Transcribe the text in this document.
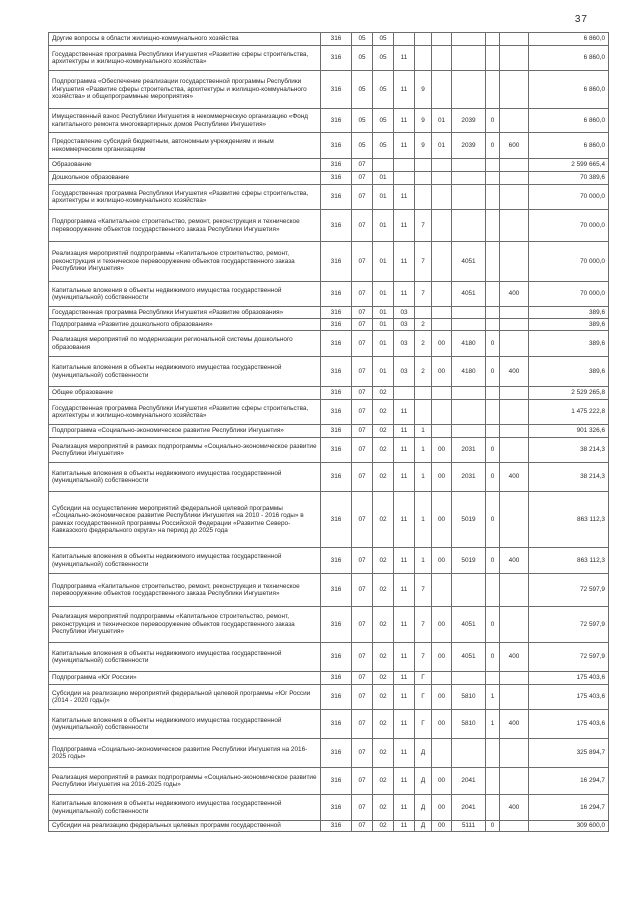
37
Другие вопросы в области жилищно-коммунального хозяйства	316	05	05							6 860,0
Государственная программа Республики Ингушетия «Развитие сферы строительства, архитектуры и жилищно-коммунального хозяйства»	316	05	05	11						6 860,0
Подпрограмма «Обеспечение реализации государственной программы Республики Ингушетия «Развитие сферы строительства, архитектуры и жилищно-коммунального хозяйства» и общепрограммные мероприятия»	316	05	05	11	9					6 860,0
Имущественный взнос Республики Ингушетия в некоммерческую организацию «Фонд капитального ремонта многоквартирных домов Республики Ингушетия»	316	05	05	11	9	01	2039	0		6 860,0
Предоставление субсидий бюджетным, автономным учреждениям и иным некоммерческим организациям	316	05	05	11	9	01	2039	0	600	6 860,0
Образование	316	07								2 599 665,4
Дошкольное образование	316	07	01							70 389,6
Государственная программа Республики Ингушетия «Развитие сферы строительства, архитектуры и жилищно-коммунального хозяйства»	316	07	01	11						70 000,0
Подпрограмма «Капитальное строительство, ремонт, реконструкция и техническое перевооружение объектов государственного заказа Республики Ингушетия»	316	07	01	11	7					70 000,0
Реализация мероприятий подпрограммы «Капитальное строительство, ремонт, реконструкция и техническое перевооружение объектов государственного заказа Республики Ингушетия»	316	07	01	11	7		4051			70 000,0
Капитальные вложения в объекты недвижимого имущества государственной (муниципальной) собственности	316	07	01	11	7		4051		400	70 000,0
Государственная программа Республики Ингушетия «Развитие образования»	316	07	01	03						389,6
Подпрограмма «Развитие дошкольного образования»	316	07	01	03	2					389,6
Реализация мероприятий по модернизации региональной системы дошкольного образования	316	07	01	03	2	00	4180	0		389,6
Капитальные вложения в объекты недвижимого имущества государственной (муниципальной) собственности	316	07	01	03	2	00	4180	0	400	389,6
Общее образование	316	07	02							2 529 265,8
Государственная программа Республики Ингушетия «Развитие сферы строительства, архитектуры и жилищно-коммунального хозяйства»	316	07	02	11						1 475 222,8
Подпрограмма «Социально-экономическое развитие Республики Ингушетия»	316	07	02	11	1					901 326,6
Реализация мероприятий в рамках подпрограммы «Социально-экономическое развитие Республики Ингушетия»	316	07	02	11	1	00	2031	0		38 214,3
Капитальные вложения в объекты недвижимого имущества государственной (муниципальной) собственности	316	07	02	11	1	00	2031	0	400	38 214,3
Субсидии на осуществление мероприятий федеральной целевой программы «Социально-экономическое развитие Республики Ингушетия на 2010 - 2016 годы» в рамках государственной программы Российской Федерации «Развитие Северо-Кавказского федерального округа» на период до 2025 года	316	07	02	11	1	00	5019	0		863 112,3
Капитальные вложения в объекты недвижимого имущества государственной (муниципальной) собственности	316	07	02	11	1	00	5019	0	400	863 112,3
Подпрограмма «Капитальное строительство, ремонт, реконструкция и техническое перевооружение объектов государственного заказа Республики Ингушетия»	316	07	02	11	7					72 597,9
Реализация мероприятий подпрограммы «Капитальное строительство, ремонт, реконструкция и техническое перевооружение объектов государственного заказа Республики Ингушетия»	316	07	02	11	7	00	4051	0		72 597,9
Капитальные вложения в объекты недвижимого имущества государственной (муниципальной) собственности	316	07	02	11	7	00	4051	0	400	72 597,9
Подпрограмма «Юг России»	316	07	02	11	Г					175 403,6
Субсидии на реализацию мероприятий федеральной целевой программы «Юг России (2014 - 2020 годы)»	316	07	02	11	Г	00	5810	1		175 403,6
Капитальные вложения в объекты недвижимого имущества государственной (муниципальной) собственности	316	07	02	11	Г	00	5810	1	400	175 403,6
Подпрограмма «Социально-экономическое развитие Республики Ингушетия на 2016-2025 годы»	316	07	02	11	Д					325 894,7
Реализация мероприятий в рамках подпрограммы «Социально-экономическое развитие Республики Ингушетия на 2016-2025 годы»	316	07	02	11	Д	00	2041			16 294,7
Капитальные вложения в объекты недвижимого имущества государственной (муниципальной) собственности	316	07	02	11	Д	00	2041		400	16 294,7
Субсидии на реализацию федеральных целевых программ государственной	316	07	02	11	Д	00	5111	0		309 600,0
